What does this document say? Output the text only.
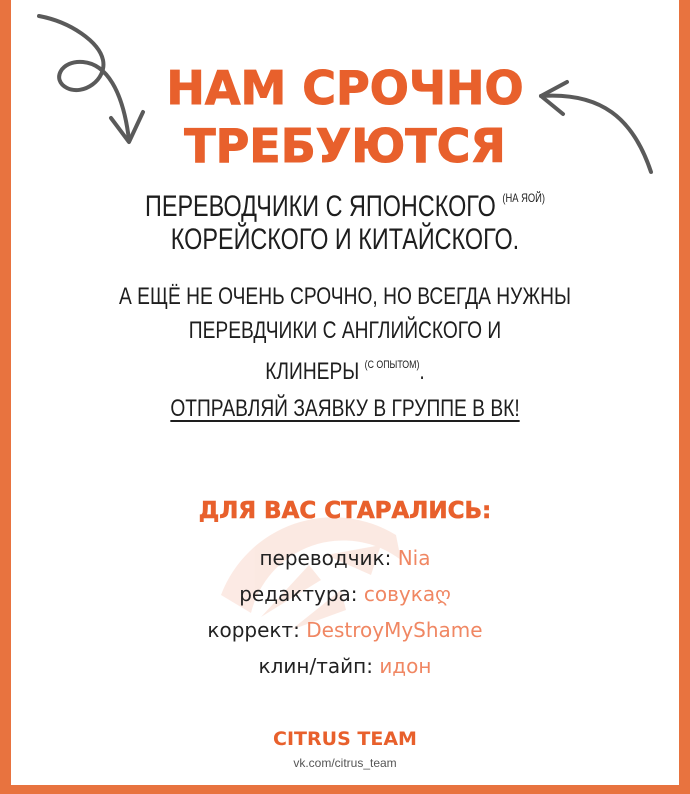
НАМ СРОЧНО
ТРЕБУЮТСЯ
ПЕРЕВОДЧИКИ С ЯПОНСКОГО $^{(НА ЯОЙ)}$
КОРЕЙСКОГО И КИТАЙСКОГО.
А ЕЩЁ НЕ ОЧЕНЬ СРОЧНО, НО ВСЕГДА НУЖНЫ
ПЕРЕВДЧИКИ С АНГЛИЙСКОГО И
КЛИНЕРЫ $^{(С ОПЫТОМ)}$.
ОТПРАВЛЯЙ ЗАЯВКУ В ГРУППЕ В ВК!
ДЛЯ ВАС СТАРАЛИСЬ:
переводчик: Nia
редактура: совукаღ
коррект: DestroyMyShame
клин/тайп: идон
CITRUS TEAM
vk.com/citrus_team
